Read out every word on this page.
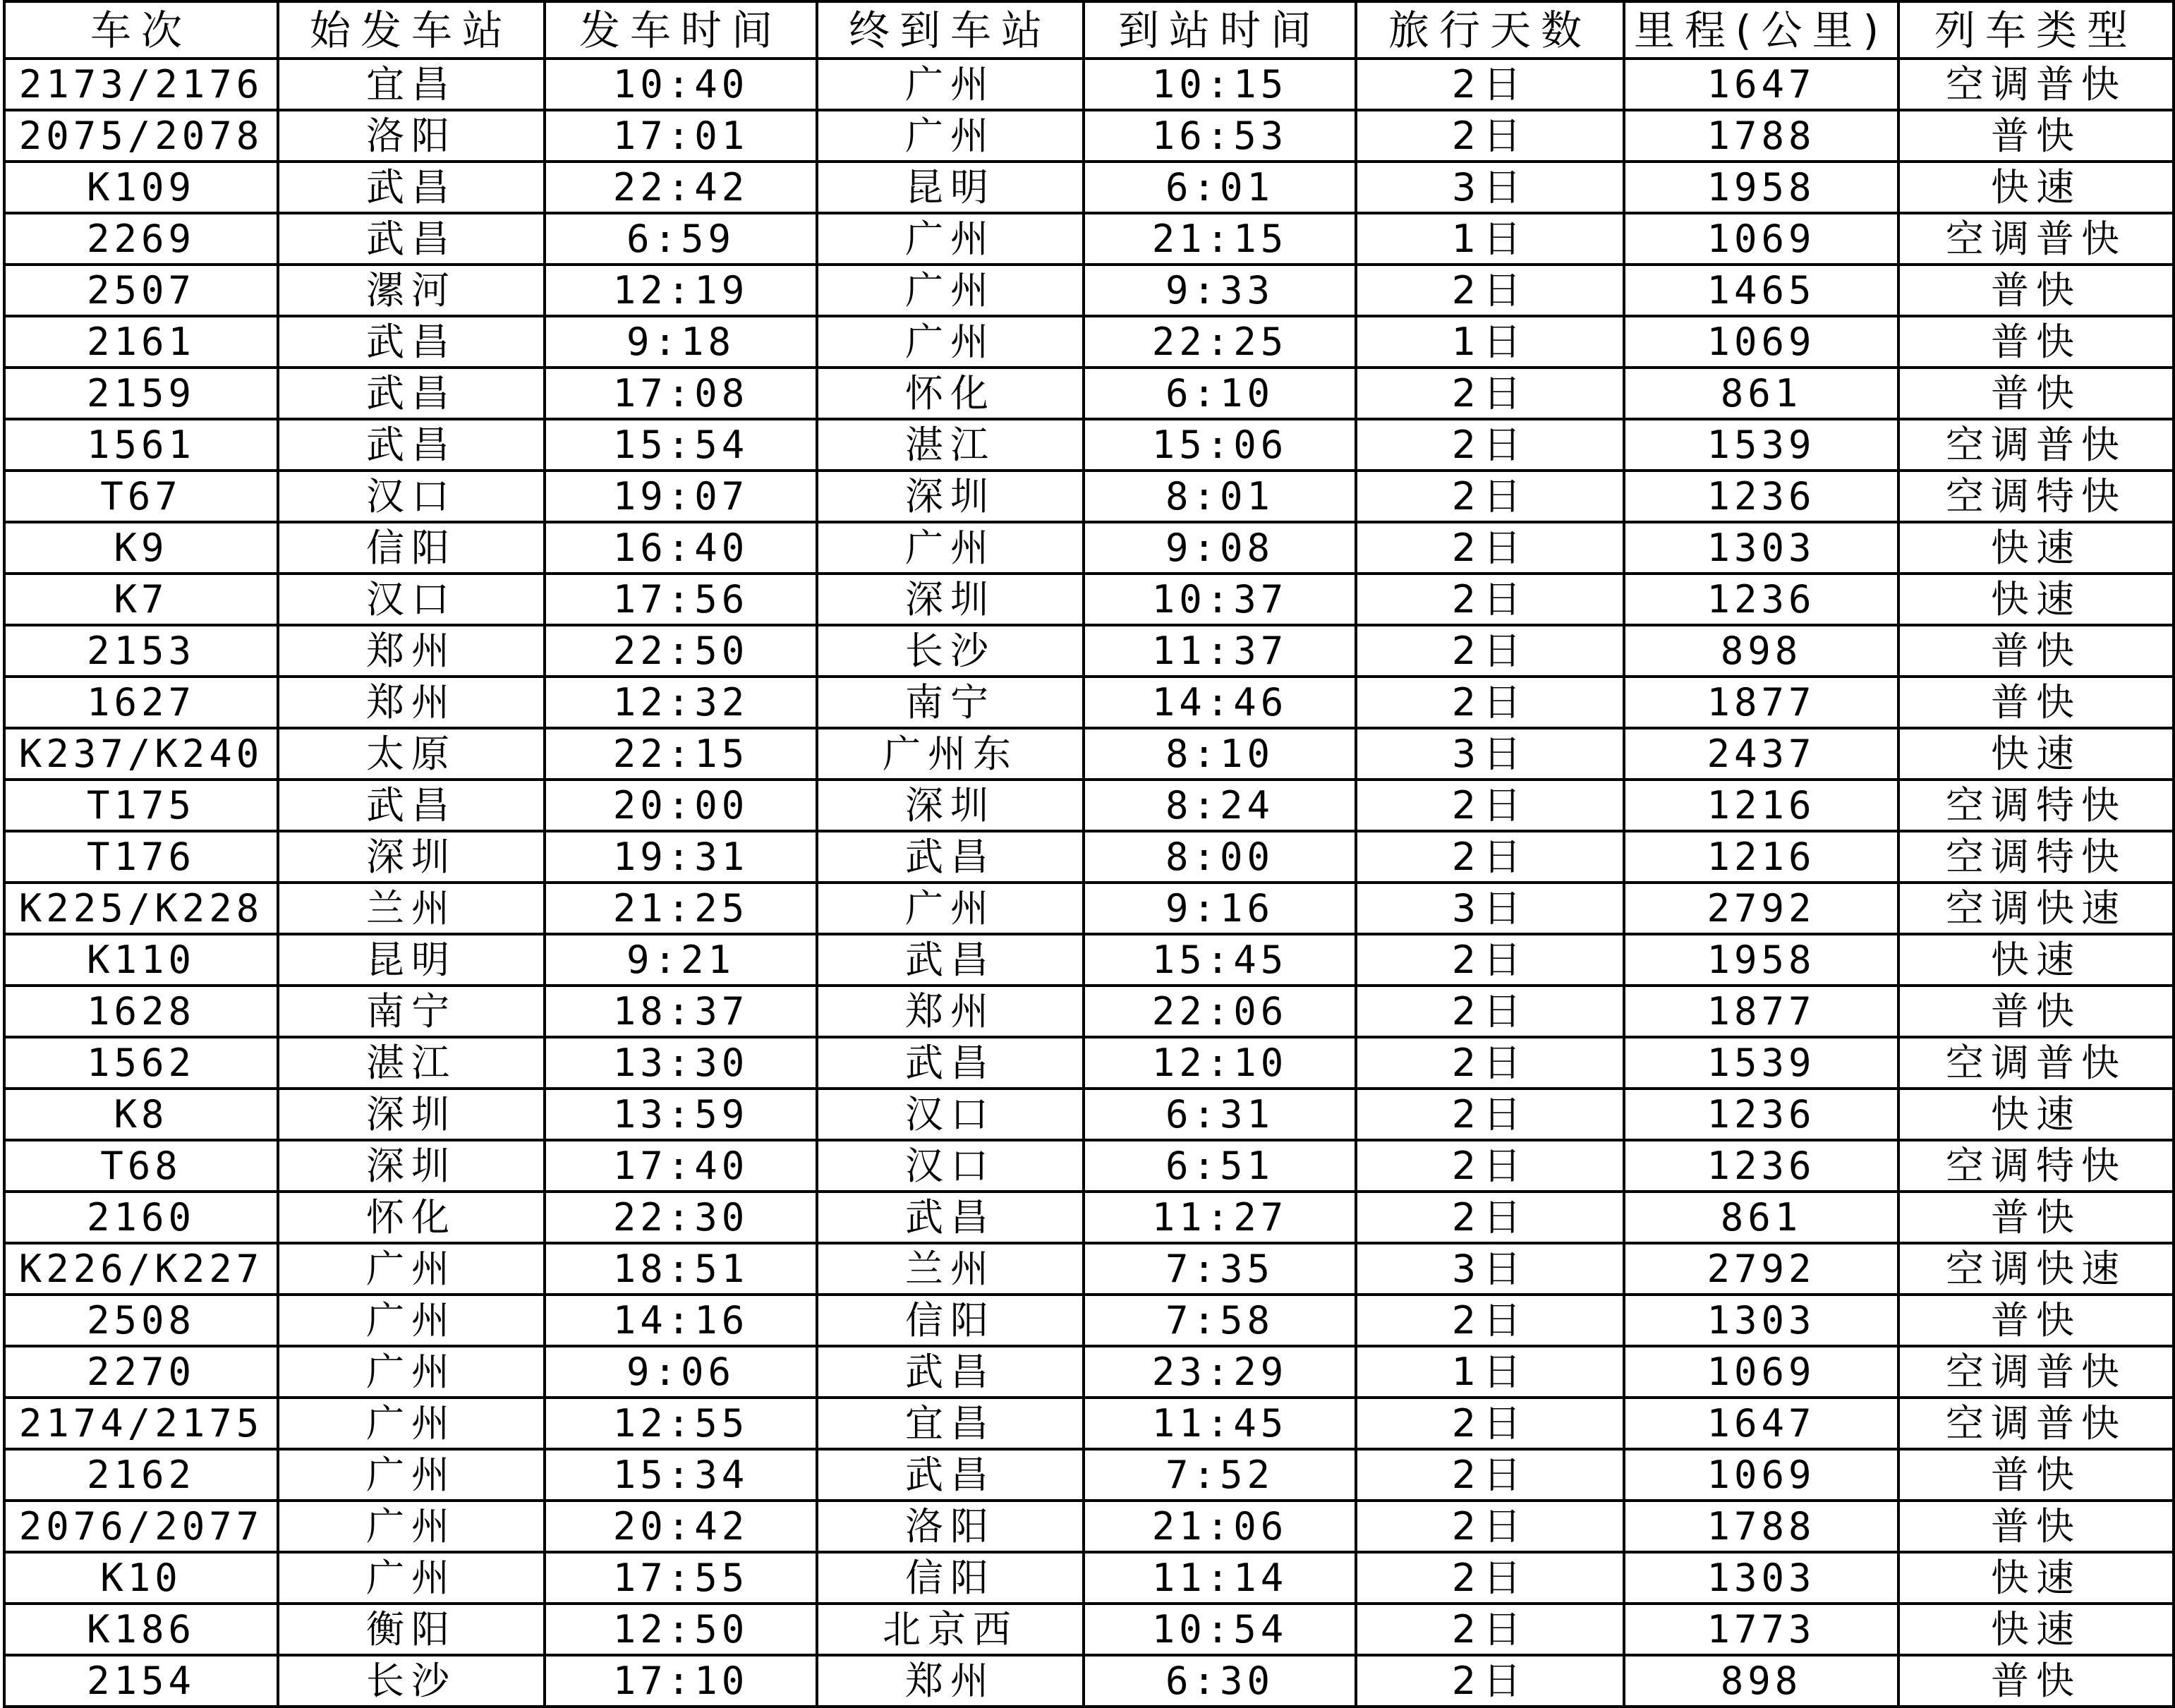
车次	始发车站	发车时间	终到车站	到站时间	旅行天数	里程(公里)	列车类型
2173/2176	宜昌	10:40	广州	10:15	2日	1647	空调普快
2075/2078	洛阳	17:01	广州	16:53	2日	1788	普快
K109	武昌	22:42	昆明	6:01	3日	1958	快速
2269	武昌	6:59	广州	21:15	1日	1069	空调普快
2507	漯河	12:19	广州	9:33	2日	1465	普快
2161	武昌	9:18	广州	22:25	1日	1069	普快
2159	武昌	17:08	怀化	6:10	2日	861	普快
1561	武昌	15:54	湛江	15:06	2日	1539	空调普快
T67	汉口	19:07	深圳	8:01	2日	1236	空调特快
K9	信阳	16:40	广州	9:08	2日	1303	快速
K7	汉口	17:56	深圳	10:37	2日	1236	快速
2153	郑州	22:50	长沙	11:37	2日	898	普快
1627	郑州	12:32	南宁	14:46	2日	1877	普快
K237/K240	太原	22:15	广州东	8:10	3日	2437	快速
T175	武昌	20:00	深圳	8:24	2日	1216	空调特快
T176	深圳	19:31	武昌	8:00	2日	1216	空调特快
K225/K228	兰州	21:25	广州	9:16	3日	2792	空调快速
K110	昆明	9:21	武昌	15:45	2日	1958	快速
1628	南宁	18:37	郑州	22:06	2日	1877	普快
1562	湛江	13:30	武昌	12:10	2日	1539	空调普快
K8	深圳	13:59	汉口	6:31	2日	1236	快速
T68	深圳	17:40	汉口	6:51	2日	1236	空调特快
2160	怀化	22:30	武昌	11:27	2日	861	普快
K226/K227	广州	18:51	兰州	7:35	3日	2792	空调快速
2508	广州	14:16	信阳	7:58	2日	1303	普快
2270	广州	9:06	武昌	23:29	1日	1069	空调普快
2174/2175	广州	12:55	宜昌	11:45	2日	1647	空调普快
2162	广州	15:34	武昌	7:52	2日	1069	普快
2076/2077	广州	20:42	洛阳	21:06	2日	1788	普快
K10	广州	17:55	信阳	11:14	2日	1303	快速
K186	衡阳	12:50	北京西	10:54	2日	1773	快速
2154	长沙	17:10	郑州	6:30	2日	898	普快
